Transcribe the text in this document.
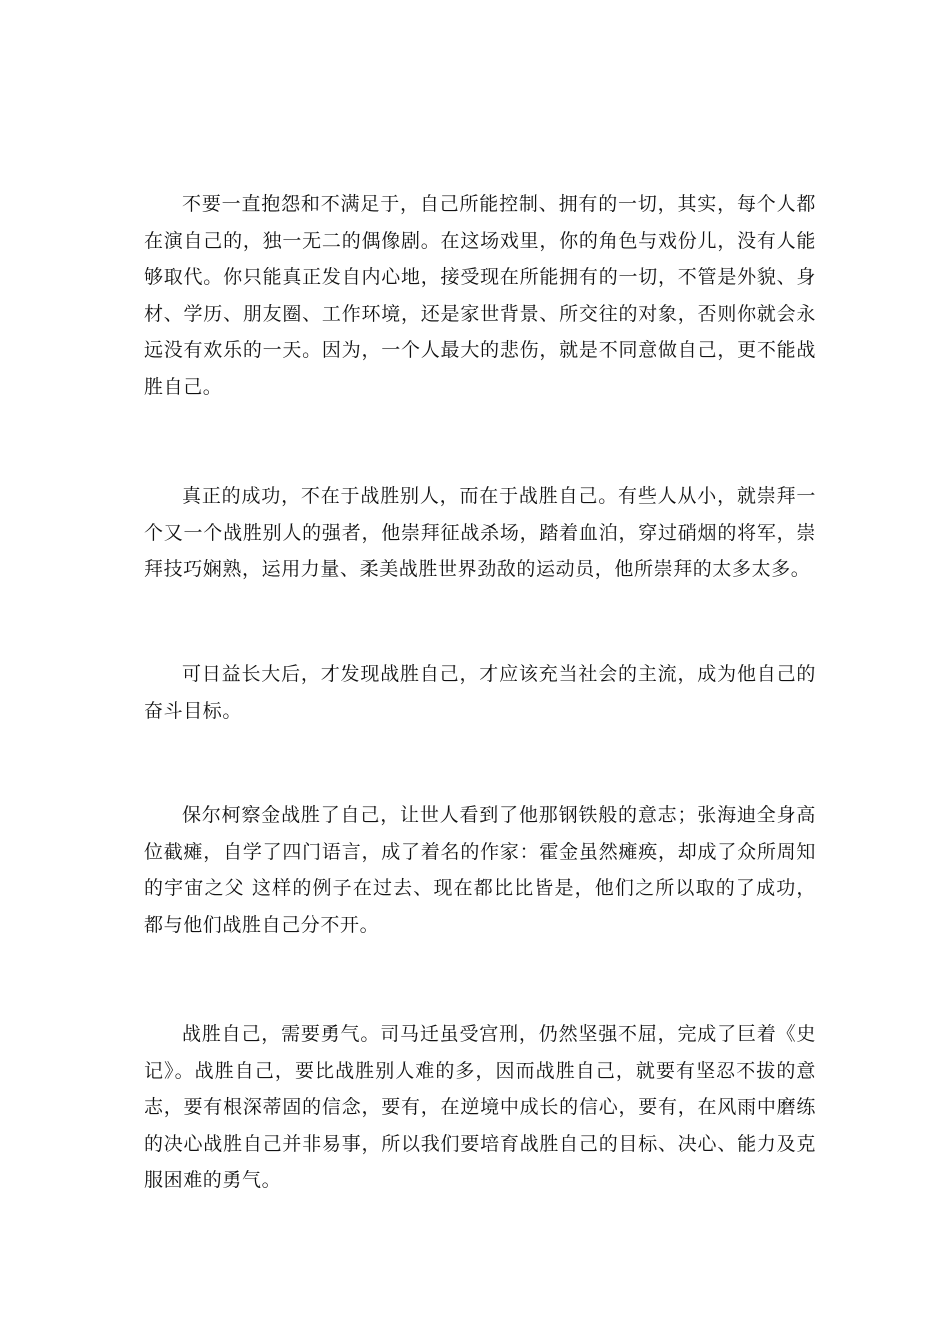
不要一直抱怨和不满足于，自己所能控制、拥有的一切，其实，每个人都在演自己的，独一无二的偶像剧。在这场戏里，你的角色与戏份儿，没有人能够取代。你只能真正发自内心地，接受现在所能拥有的一切，不管是外貌、身材、学历、朋友圈、工作环境，还是家世背景、所交往的对象，否则你就会永远没有欢乐的一天。因为，一个人最大的悲伤，就是不同意做自己，更不能战胜自己。

真正的成功，不在于战胜别人，而在于战胜自己。有些人从小，就崇拜一个又一个战胜别人的强者，他崇拜征战杀场，踏着血泊，穿过硝烟的将军，崇拜技巧娴熟，运用力量、柔美战胜世界劲敌的运动员，他所崇拜的太多太多。

可日益长大后，才发现战胜自己，才应该充当社会的主流，成为他自己的奋斗目标。

保尔柯察金战胜了自己，让世人看到了他那钢铁般的意志；张海迪全身高位截瘫，自学了四门语言，成了着名的作家：霍金虽然瘫痪，却成了众所周知的宇宙之父 这样的例子在过去、现在都比比皆是，他们之所以取的了成功，都与他们战胜自己分不开。

战胜自己，需要勇气。司马迁虽受宫刑，仍然坚强不屈，完成了巨着《史记》。战胜自己，要比战胜别人难的多，因而战胜自己，就要有坚忍不拔的意志，要有根深蒂固的信念，要有，在逆境中成长的信心，要有，在风雨中磨练的决心战胜自己并非易事，所以我们要培育战胜自己的目标、决心、能力及克服困难的勇气。
